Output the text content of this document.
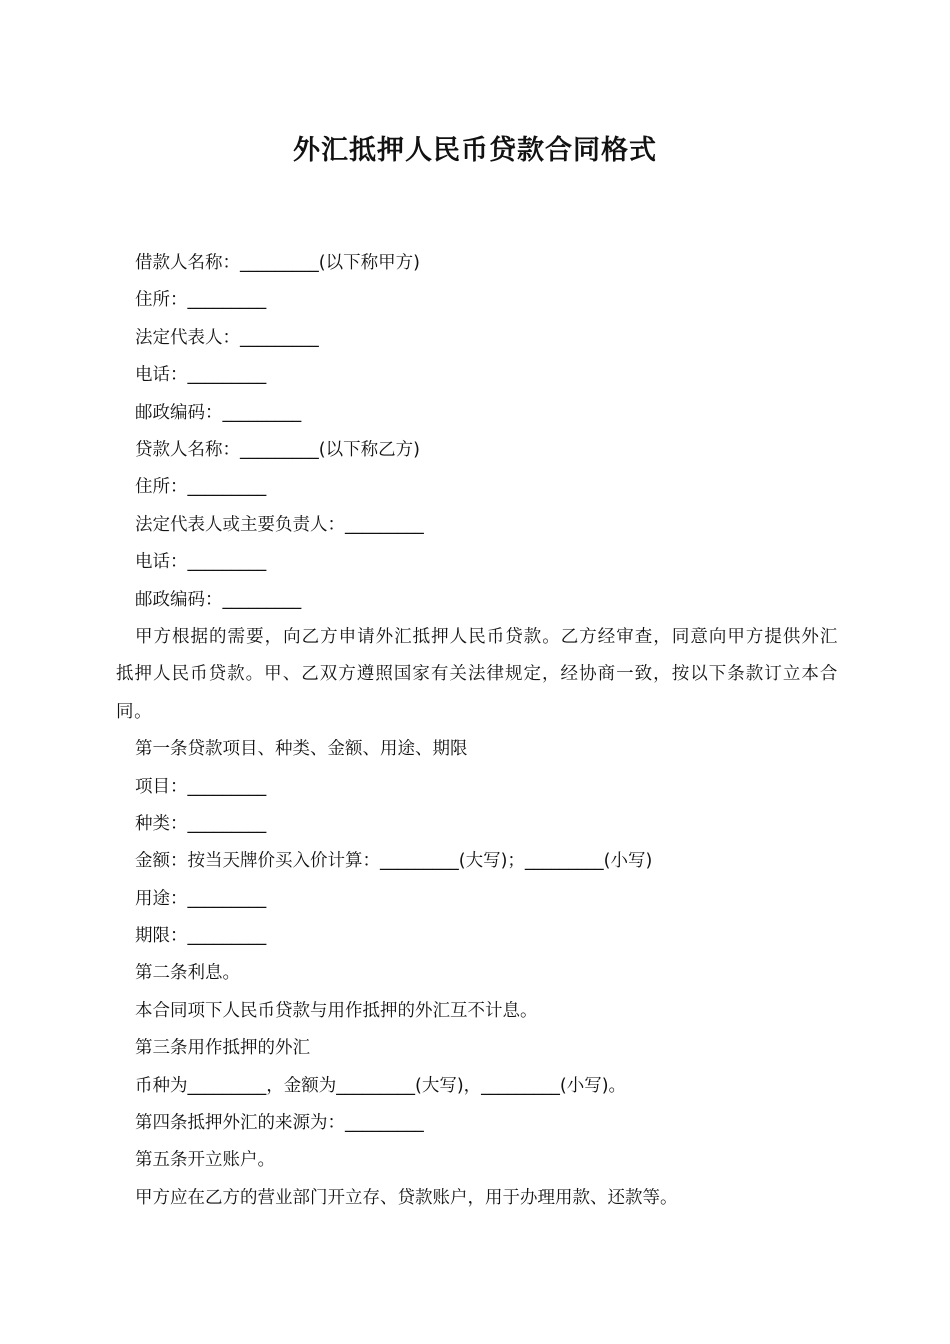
外汇抵押人民币贷款合同格式

借款人名称：_________(以下称甲方)

住所：_________

法定代表人：_________

电话：_________

邮政编码：_________

贷款人名称：_________(以下称乙方)

住所：_________

法定代表人或主要负责人：_________

电话：_________

邮政编码：_________

甲方根据的需要，向乙方申请外汇抵押人民币贷款。乙方经审查，同意向甲方提供外汇抵押人民币贷款。甲、乙双方遵照国家有关法律规定，经协商一致，按以下条款订立本合同。

第一条贷款项目、种类、金额、用途、期限

项目：_________

种类：_________

金额：按当天牌价买入价计算：_________(大写)；_________(小写)

用途：_________

期限：_________

第二条利息。

本合同项下人民币贷款与用作抵押的外汇互不计息。

第三条用作抵押的外汇

币种为_________，金额为_________(大写)，_________(小写)。

第四条抵押外汇的来源为：_________

第五条开立账户。

甲方应在乙方的营业部门开立存、贷款账户，用于办理用款、还款等。
